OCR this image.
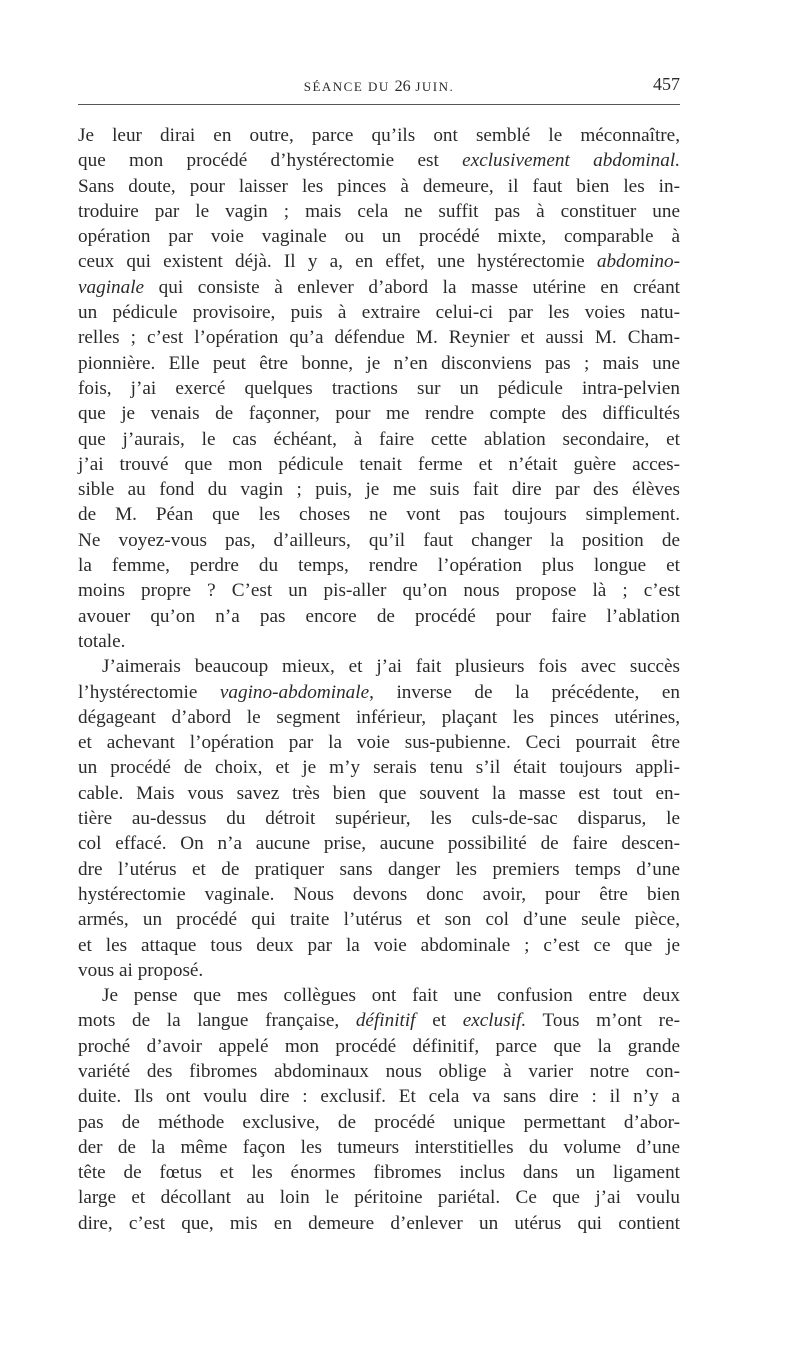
SÉANCE DU 26 JUIN.	457
Je leur dirai en outre, parce qu’ils ont semblé le méconnaître,
que mon procédé d’hystérectomie est exclusivement abdominal.
Sans doute, pour laisser les pinces à demeure, il faut bien les in-
troduire par le vagin ; mais cela ne suffit pas à constituer une
opération par voie vaginale ou un procédé mixte, comparable à
ceux qui existent déjà. Il y a, en effet, une hystérectomie abdomino-
vaginale qui consiste à enlever d’abord la masse utérine en créant
un pédicule provisoire, puis à extraire celui-ci par les voies natu-
relles ; c’est l’opération qu’a défendue M. Reynier et aussi M. Cham-
pionnière. Elle peut être bonne, je n’en disconviens pas ; mais une
fois, j’ai exercé quelques tractions sur un pédicule intra-pelvien
que je venais de façonner, pour me rendre compte des difficultés
que j’aurais, le cas échéant, à faire cette ablation secondaire, et
j’ai trouvé que mon pédicule tenait ferme et n’était guère acces-
sible au fond du vagin ; puis, je me suis fait dire par des élèves
de M. Péan que les choses ne vont pas toujours simplement.
Ne voyez-vous pas, d’ailleurs, qu’il faut changer la position de
la femme, perdre du temps, rendre l’opération plus longue et
moins propre ? C’est un pis-aller qu’on nous propose là ; c’est
avouer qu’on n’a pas encore de procédé pour faire l’ablation
totale.
J’aimerais beaucoup mieux, et j’ai fait plusieurs fois avec succès
l’hystérectomie vagino-abdominale, inverse de la précédente, en
dégageant d’abord le segment inférieur, plaçant les pinces utérines,
et achevant l’opération par la voie sus-pubienne. Ceci pourrait être
un procédé de choix, et je m’y serais tenu s’il était toujours appli-
cable. Mais vous savez très bien que souvent la masse est tout en-
tière au-dessus du détroit supérieur, les culs-de-sac disparus, le
col effacé. On n’a aucune prise, aucune possibilité de faire descen-
dre l’utérus et de pratiquer sans danger les premiers temps d’une
hystérectomie vaginale. Nous devons donc avoir, pour être bien
armés, un procédé qui traite l’utérus et son col d’une seule pièce,
et les attaque tous deux par la voie abdominale ; c’est ce que je
vous ai proposé.
Je pense que mes collègues ont fait une confusion entre deux
mots de la langue française, définitif et exclusif. Tous m’ont re-
proché d’avoir appelé mon procédé définitif, parce que la grande
variété des fibromes abdominaux nous oblige à varier notre con-
duite. Ils ont voulu dire : exclusif. Et cela va sans dire : il n’y a
pas de méthode exclusive, de procédé unique permettant d’abor-
der de la même façon les tumeurs interstitielles du volume d’une
tête de fœtus et les énormes fibromes inclus dans un ligament
large et décollant au loin le péritoine pariétal. Ce que j’ai voulu
dire, c’est que, mis en demeure d’enlever un utérus qui contient
